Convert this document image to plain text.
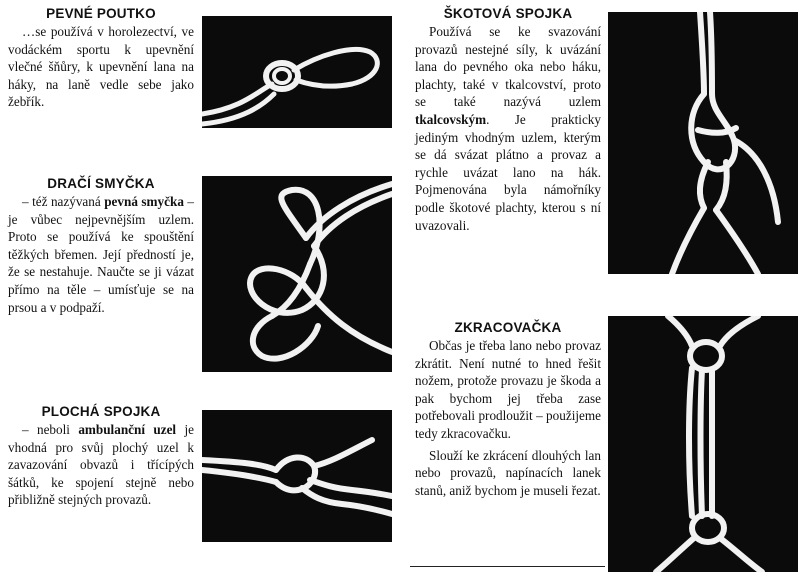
PEVNÉ POUTKO

…se používá v horolezectví, ve vodáckém sportu k upevnění vlečné šňůry, k upevnění lana na háky, na laně vedle sebe jako žebřík.

DRAČÍ SMYČKA

– též nazývaná pevná smyčka – je vůbec nejpevnějším uzlem. Proto se používá ke spouštění těžkých břemen. Její předností je, že se nestahuje. Naučte se ji vázat přímo na těle – umísťuje se na prsou a v podpaží.

PLOCHÁ SPOJKA

– neboli ambulanční uzel je vhodná pro svůj plochý uzel k zavazování obvazů i třícípých šátků, ke spojení stejně nebo přibližně stejných provazů.

ŠKOTOVÁ SPOJKA

Používá se ke svazování provazů nestejné síly, k uvázání lana do pevného oka nebo háku, plachty, také v tkalcovství, proto se také nazývá uzlem tkalcovským. Je prakticky jediným vhodným uzlem, kterým se dá svázat plátno a provaz a rychle uvázat lano na hák. Pojmenována byla námořníky podle škotové plachty, kterou s ní uvazovali.

ZKRACOVAČKA

Občas je třeba lano nebo provaz zkrátit. Není nutné to hned řešit nožem, protože provazu je škoda a pak bychom jej třeba zase potřebovali prodloužit – použijeme tedy zkracovačku.

Slouží ke zkrácení dlouhých lan nebo provazů, napínacích lanek stanů, aniž bychom je museli řezat.
